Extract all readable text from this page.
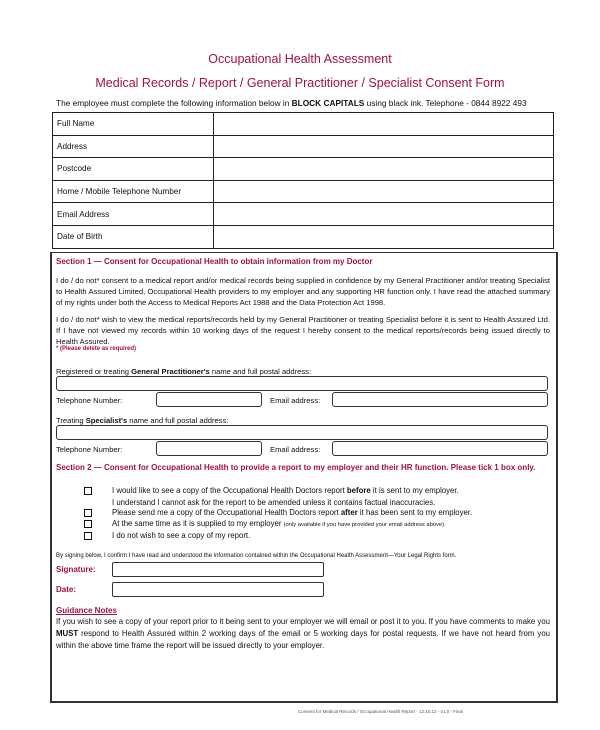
Occupational Health Assessment
Medical Records / Report / General Practitioner / Specialist Consent Form
The employee must complete the following information below in BLOCK CAPITALS using black ink. Telephone - 0844 8922 493
Full Name	
Address	
Postcode	
Home / Mobile Telephone Number	
Email Address	
Date of Birth	
Section 1 — Consent for Occupational Health to obtain information from my Doctor
I do / do not* consent to a medical report and/or medical records being supplied in confidence by my General Practitioner and/or treating Specialist to Health Assured Limited, Occupational Health providers to my employer and any supporting HR function only. I have read the attached summary of my rights under both the Access to Medical Reports Act 1988 and the Data Protection Act 1998.
I do / do not* wish to view the medical reports/records held by my General Practitioner or treating Specialist before it is sent to Health Assured Ltd. If I have not viewed my records within 10 working days of the request I hereby consent to the medical reports/records being issued directly to Health Assured.
* (Please delete as required)
Registered or treating General Practitioner's name and full postal address:
Telephone Number:	Email address:
Treating Specialist's name and full postal address:
Telephone Number:	Email address:
Section 2 — Consent for Occupational Health to provide a report to my employer and their HR function. Please tick 1 box only.
I would like to see a copy of the Occupational Health Doctors report before it is sent to my employer.
I understand I cannot ask for the report to be amended unless it contains factual inaccuracies.
Please send me a copy of the Occupational Health Doctors report after it has been sent to my employer.
At the same time as it is supplied to my employer (only available if you have provided your email address above).
I do not wish to see a copy of my report.
By signing below, I confirm I have read and understood the information contained within the Occupational Health Assessment—Your Legal Rights form.
Signature:
Date:
Guidance Notes
If you wish to see a copy of your report prior to it being sent to your employer we will email or post it to you. If you have comments to make you MUST respond to Health Assured within 2 working days of the email or 5 working days for postal requests. If we have not heard from you within the above time frame the report will be issued directly to your employer.
Consent for Medical Records / Occupational Health Report - 12.10.12 - v1.0 - Final
